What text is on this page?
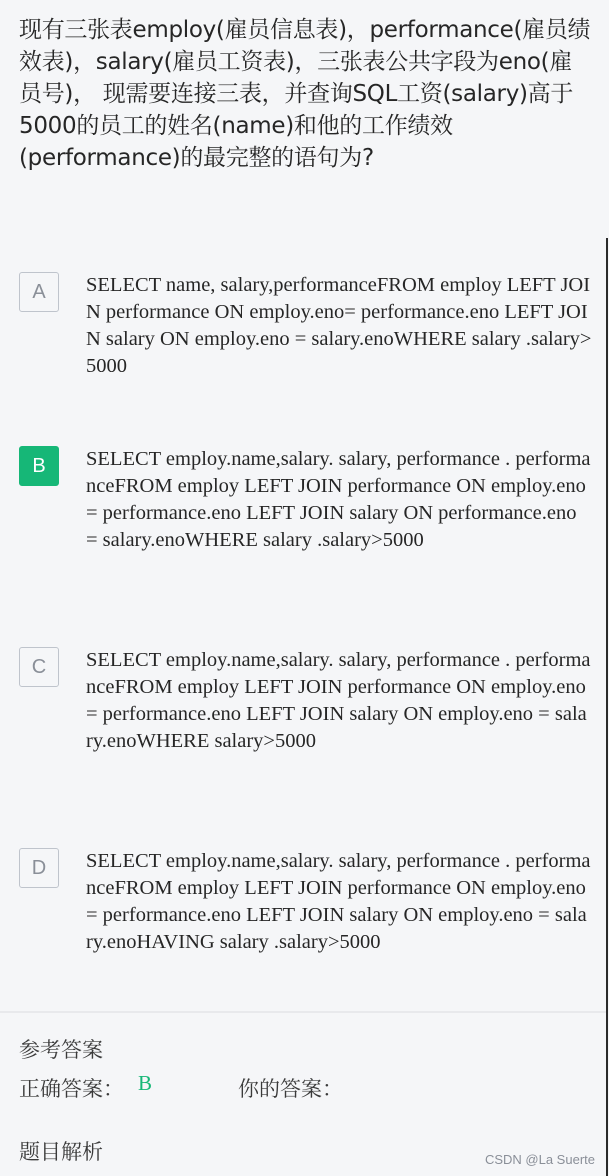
现有三张表employ(雇员信息表)，performance(雇员绩效表)，salary(雇员工资表)，三张表公共字段为eno(雇员号)， 现需要连接三表，并查询SQL工资(salary)高于5000的员工的姓名(name)和他的工作绩效(performance)的最完整的语句为?
A	SELECT name, salary,performanceFROM employ LEFT JOIN performance ON employ.eno= performance.eno LEFT JOIN salary ON employ.eno = salary.enoWHERE salary .salary>5000
B	SELECT employ.name,salary. salary, performance . performanceFROM employ LEFT JOIN performance ON employ.eno= performance.eno LEFT JOIN salary ON performance.eno = salary.enoWHERE salary .salary>5000
C	SELECT employ.name,salary. salary, performance . performanceFROM employ LEFT JOIN performance ON employ.eno= performance.eno LEFT JOIN salary ON employ.eno = salary.enoWHERE salary>5000
D	SELECT employ.name,salary. salary, performance . performanceFROM employ LEFT JOIN performance ON employ.eno= performance.eno LEFT JOIN salary ON employ.eno = salary.enoHAVING salary .salary>5000
参考答案
正确答案： B	你的答案：
题目解析	CSDN @La Suerte
